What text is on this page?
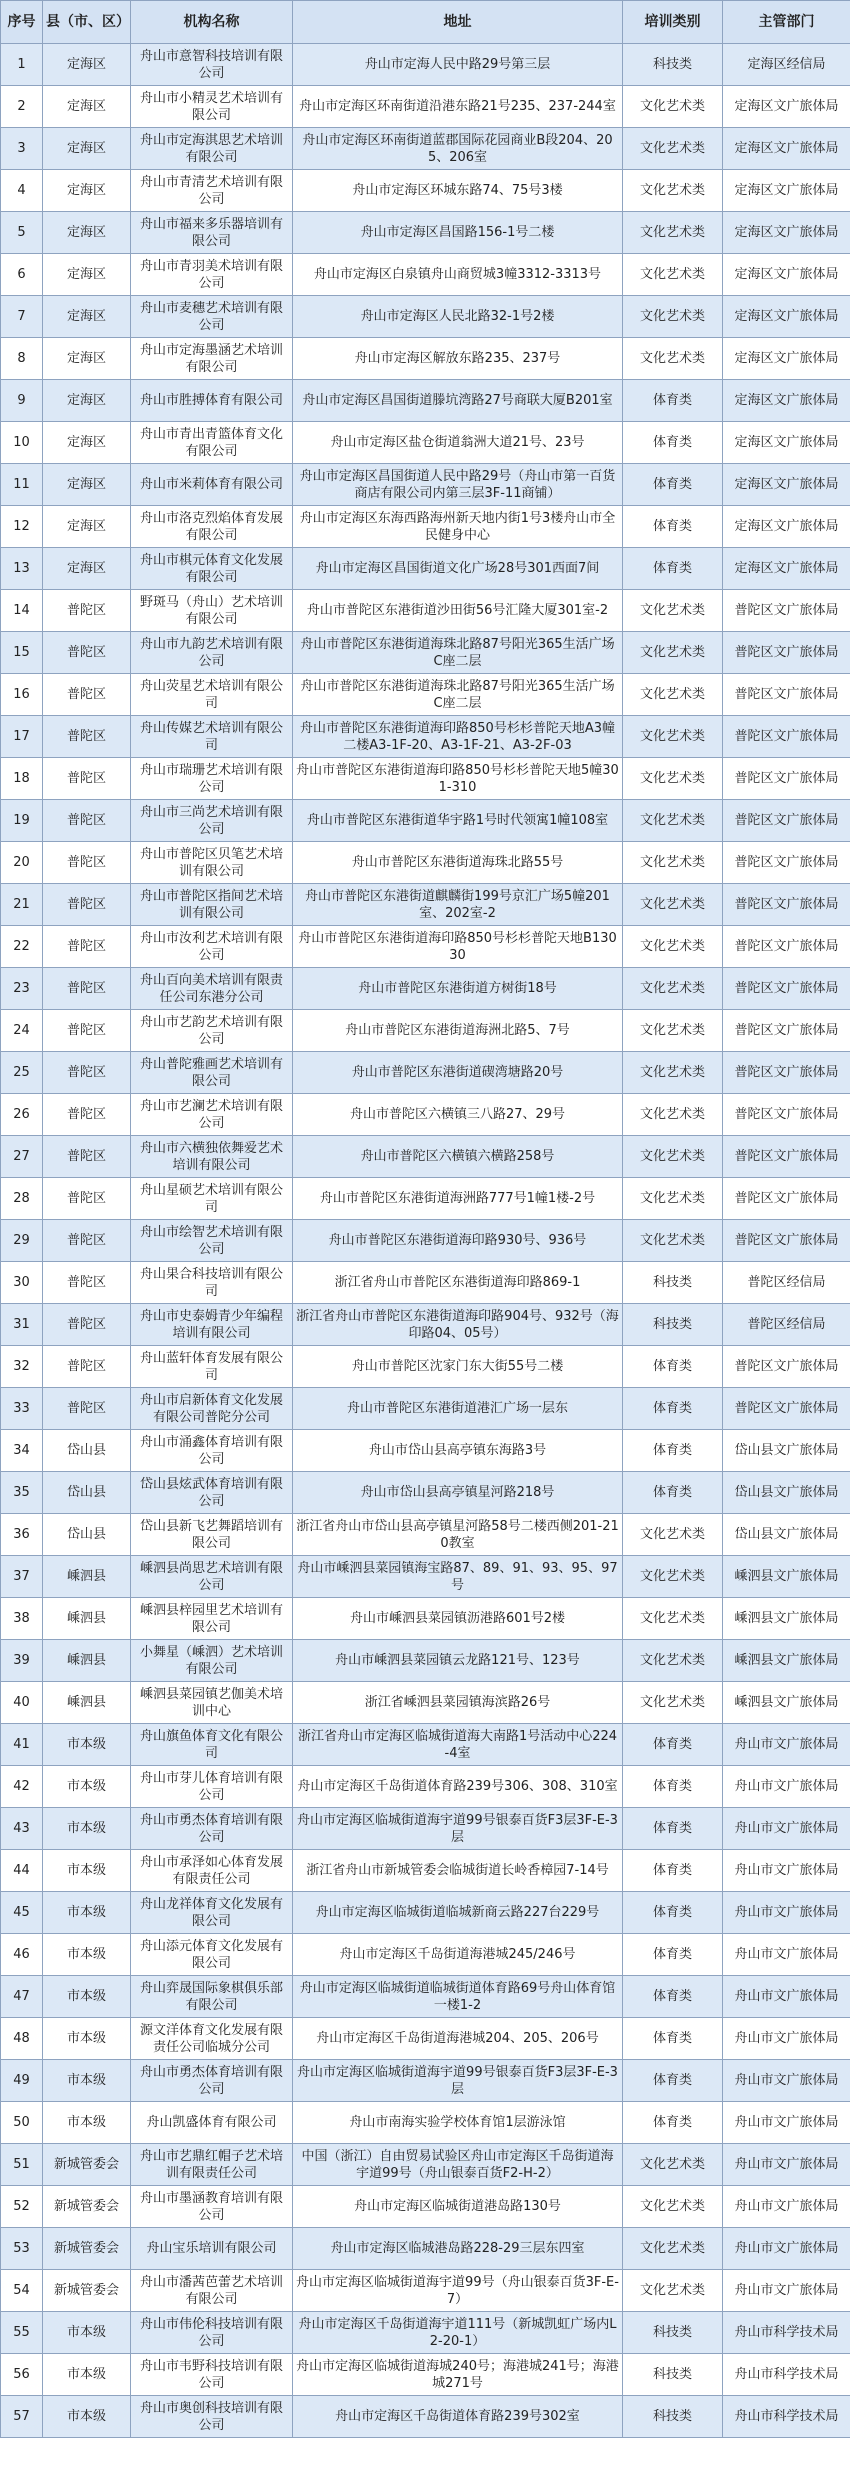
序号	县（市、区）	机构名称	地址	培训类别	主管部门
1	定海区	舟山市意智科技培训有限公司	舟山市定海人民中路29号第三层	科技类	定海区经信局
2	定海区	舟山市小精灵艺术培训有限公司	舟山市定海区环南街道沿港东路21号235、237-244室	文化艺术类	定海区文广旅体局
3	定海区	舟山市定海淇思艺术培训有限公司	舟山市定海区环南街道蓝郡国际花园商业B段204、205、206室	文化艺术类	定海区文广旅体局
4	定海区	舟山市青清艺术培训有限公司	舟山市定海区环城东路74、75号3楼	文化艺术类	定海区文广旅体局
5	定海区	舟山市福来多乐器培训有限公司	舟山市定海区昌国路156-1号二楼	文化艺术类	定海区文广旅体局
6	定海区	舟山市青羽美术培训有限公司	舟山市定海区白泉镇舟山商贸城3幢3312-3313号	文化艺术类	定海区文广旅体局
7	定海区	舟山市麦穗艺术培训有限公司	舟山市定海区人民北路32-1号2楼	文化艺术类	定海区文广旅体局
8	定海区	舟山市定海墨涵艺术培训有限公司	舟山市定海区解放东路235、237号	文化艺术类	定海区文广旅体局
9	定海区	舟山市胜搏体育有限公司	舟山市定海区昌国街道滕坑湾路27号商联大厦B201室	体育类	定海区文广旅体局
10	定海区	舟山市青出青篮体育文化有限公司	舟山市定海区盐仓街道翁洲大道21号、23号	体育类	定海区文广旅体局
11	定海区	舟山市米莉体育有限公司	舟山市定海区昌国街道人民中路29号（舟山市第一百货商店有限公司内第三层3F-11商铺）	体育类	定海区文广旅体局
12	定海区	舟山市洛克烈焰体育发展有限公司	舟山市定海区东海西路海州新天地内街1号3楼舟山市全民健身中心	体育类	定海区文广旅体局
13	定海区	舟山市棋元体育文化发展有限公司	舟山市定海区昌国街道文化广场28号301西面7间	体育类	定海区文广旅体局
14	普陀区	野斑马（舟山）艺术培训有限公司	舟山市普陀区东港街道沙田街56号汇隆大厦301室-2	文化艺术类	普陀区文广旅体局
15	普陀区	舟山市九韵艺术培训有限公司	舟山市普陀区东港街道海珠北路87号阳光365生活广场C座二层	文化艺术类	普陀区文广旅体局
16	普陀区	舟山荧星艺术培训有限公司	舟山市普陀区东港街道海珠北路87号阳光365生活广场C座二层	文化艺术类	普陀区文广旅体局
17	普陀区	舟山传媒艺术培训有限公司	舟山市普陀区东港街道海印路850号杉杉普陀天地A3幢二楼A3-1F-20、A3-1F-21、A3-2F-03	文化艺术类	普陀区文广旅体局
18	普陀区	舟山市瑞珊艺术培训有限公司	舟山市普陀区东港街道海印路850号杉杉普陀天地5幢301-310	文化艺术类	普陀区文广旅体局
19	普陀区	舟山市三尚艺术培训有限公司	舟山市普陀区东港街道华宇路1号时代领寓1幢108室	文化艺术类	普陀区文广旅体局
20	普陀区	舟山市普陀区贝笔艺术培训有限公司	舟山市普陀区东港街道海珠北路55号	文化艺术类	普陀区文广旅体局
21	普陀区	舟山市普陀区指间艺术培训有限公司	舟山市普陀区东港街道麒麟街199号京汇广场5幢201室、202室-2	文化艺术类	普陀区文广旅体局
22	普陀区	舟山市汝利艺术培训有限公司	舟山市普陀区东港街道海印路850号杉杉普陀天地B13030	文化艺术类	普陀区文广旅体局
23	普陀区	舟山百向美术培训有限责任公司东港分公司	舟山市普陀区东港街道方树街18号	文化艺术类	普陀区文广旅体局
24	普陀区	舟山市艺韵艺术培训有限公司	舟山市普陀区东港街道海洲北路5、7号	文化艺术类	普陀区文广旅体局
25	普陀区	舟山普陀雅画艺术培训有限公司	舟山市普陀区东港街道碶湾塘路20号	文化艺术类	普陀区文广旅体局
26	普陀区	舟山市艺澜艺术培训有限公司	舟山市普陀区六横镇三八路27、29号	文化艺术类	普陀区文广旅体局
27	普陀区	舟山市六横独依舞爱艺术培训有限公司	舟山市普陀区六横镇六横路258号	文化艺术类	普陀区文广旅体局
28	普陀区	舟山星硕艺术培训有限公司	舟山市普陀区东港街道海洲路777号1幢1楼-2号	文化艺术类	普陀区文广旅体局
29	普陀区	舟山市绘智艺术培训有限公司	舟山市普陀区东港街道海印路930号、936号	文化艺术类	普陀区文广旅体局
30	普陀区	舟山果合科技培训有限公司	浙江省舟山市普陀区东港街道海印路869-1	科技类	普陀区经信局
31	普陀区	舟山市史泰姆青少年编程培训有限公司	浙江省舟山市普陀区东港街道海印路904号、932号（海印路04、05号）	科技类	普陀区经信局
32	普陀区	舟山蓝轩体育发展有限公司	舟山市普陀区沈家门东大街55号二楼	体育类	普陀区文广旅体局
33	普陀区	舟山市启新体育文化发展有限公司普陀分公司	舟山市普陀区东港街道港汇广场一层东	体育类	普陀区文广旅体局
34	岱山县	舟山市涌鑫体育培训有限公司	舟山市岱山县高亭镇东海路3号	体育类	岱山县文广旅体局
35	岱山县	岱山县炫武体育培训有限公司	舟山市岱山县高亭镇星河路218号	体育类	岱山县文广旅体局
36	岱山县	岱山县新飞艺舞蹈培训有限公司	浙江省舟山市岱山县高亭镇星河路58号二楼西侧201-210教室	文化艺术类	岱山县文广旅体局
37	嵊泗县	嵊泗县尚思艺术培训有限公司	舟山市嵊泗县菜园镇海宝路87、89、91、93、95、97号	文化艺术类	嵊泗县文广旅体局
38	嵊泗县	嵊泗县梓园里艺术培训有限公司	舟山市嵊泗县菜园镇沥港路601号2楼	文化艺术类	嵊泗县文广旅体局
39	嵊泗县	小舞星（嵊泗）艺术培训有限公司	舟山市嵊泗县菜园镇云龙路121号、123号	文化艺术类	嵊泗县文广旅体局
40	嵊泗县	嵊泗县菜园镇艺伽美术培训中心	浙江省嵊泗县菜园镇海滨路26号	文化艺术类	嵊泗县文广旅体局
41	市本级	舟山旗鱼体育文化有限公司	浙江省舟山市定海区临城街道海大南路1号活动中心224-4室	体育类	舟山市文广旅体局
42	市本级	舟山市芽儿体育培训有限公司	舟山市定海区千岛街道体育路239号306、308、310室	体育类	舟山市文广旅体局
43	市本级	舟山市勇杰体育培训有限公司	舟山市定海区临城街道海宇道99号银泰百货F3层3F-E-3层	体育类	舟山市文广旅体局
44	市本级	舟山市承泽如心体育发展有限责任公司	浙江省舟山市新城管委会临城街道长岭香樟园7-14号	体育类	舟山市文广旅体局
45	市本级	舟山龙祥体育文化发展有限公司	舟山市定海区临城街道临城新商云路227台229号	体育类	舟山市文广旅体局
46	市本级	舟山添元体育文化发展有限公司	舟山市定海区千岛街道海港城245/246号	体育类	舟山市文广旅体局
47	市本级	舟山弈晟国际象棋俱乐部有限公司	舟山市定海区临城街道临城街道体育路69号舟山体育馆一楼1-2	体育类	舟山市文广旅体局
48	市本级	源文洋体育文化发展有限责任公司临城分公司	舟山市定海区千岛街道海港城204、205、206号	体育类	舟山市文广旅体局
49	市本级	舟山市勇杰体育培训有限公司	舟山市定海区临城街道海宇道99号银泰百货F3层3F-E-3层	体育类	舟山市文广旅体局
50	市本级	舟山凯盛体育有限公司	舟山市南海实验学校体育馆1层游泳馆	体育类	舟山市文广旅体局
51	新城管委会	舟山市艺鼎红帽子艺术培训有限责任公司	中国（浙江）自由贸易试验区舟山市定海区千岛街道海宇道99号（舟山银泰百货F2-H-2）	文化艺术类	舟山市文广旅体局
52	新城管委会	舟山市墨涵教育培训有限公司	舟山市定海区临城街道港岛路130号	文化艺术类	舟山市文广旅体局
53	新城管委会	舟山宝乐培训有限公司	舟山市定海区临城港岛路228-29三层东四室	文化艺术类	舟山市文广旅体局
54	新城管委会	舟山市潘茜芭蕾艺术培训有限公司	舟山市定海区临城街道海宇道99号（舟山银泰百货3F-E-7）	文化艺术类	舟山市文广旅体局
55	市本级	舟山市伟伦科技培训有限公司	舟山市定海区千岛街道海宇道111号（新城凯虹广场内L2-20-1）	科技类	舟山市科学技术局
56	市本级	舟山市韦野科技培训有限公司	舟山市定海区临城街道海城240号；海港城241号；海港城271号	科技类	舟山市科学技术局
57	市本级	舟山市奥创科技培训有限公司	舟山市定海区千岛街道体育路239号302室	科技类	舟山市科学技术局
